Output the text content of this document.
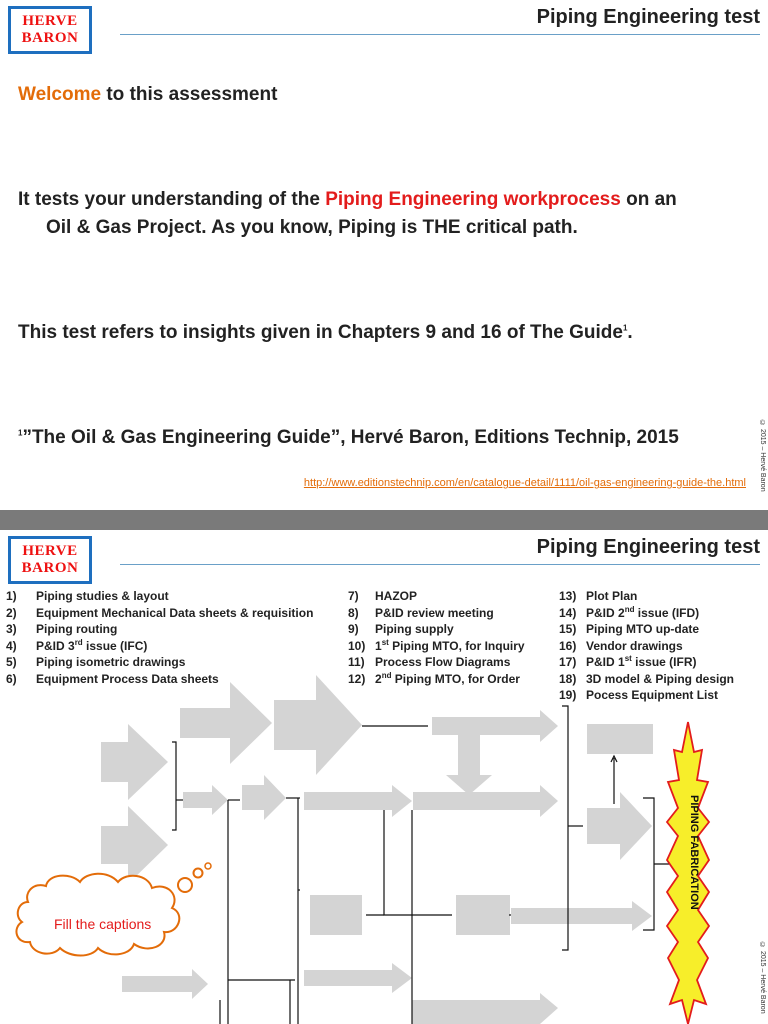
HERVE
BARON
Piping Engineering test
Welcome to this assessment
It tests your understanding of the Piping Engineering workprocess on an
Oil & Gas Project. As you know, Piping is THE critical path.
This test refers to insights given in Chapters 9 and 16 of The Guide$^1$.
$^1$”The Oil & Gas Engineering Guide”, Hervé Baron, Editions Technip, 2015
http://www.editionstechnip.com/en/catalogue-detail/1111/oil-gas-engineering-guide-the.html © 2015 – Hervé Baron
HERVE
BARON
Piping Engineering test
1) Piping studies & layout
2) Equipment Mechanical Data sheets & requisition
3) Piping routing
4) P&ID 3rd issue (IFC)
5) Piping isometric drawings
6) Equipment Process Data sheets
7) HAZOP
8) P&ID review meeting
9) Piping supply
10) 1st Piping MTO, for Inquiry
11) Process Flow Diagrams
12) 2nd Piping MTO, for Order
13) Plot Plan
14) P&ID 2nd issue (IFD)
15) Piping MTO up-date
16) Vendor drawings
17) P&ID 1st issue (IFR)
18) 3D model & Piping design
19) Pocess Equipment List
Fill the captions
PIPING FABRICATION
© 2015 – Hervé Baron
